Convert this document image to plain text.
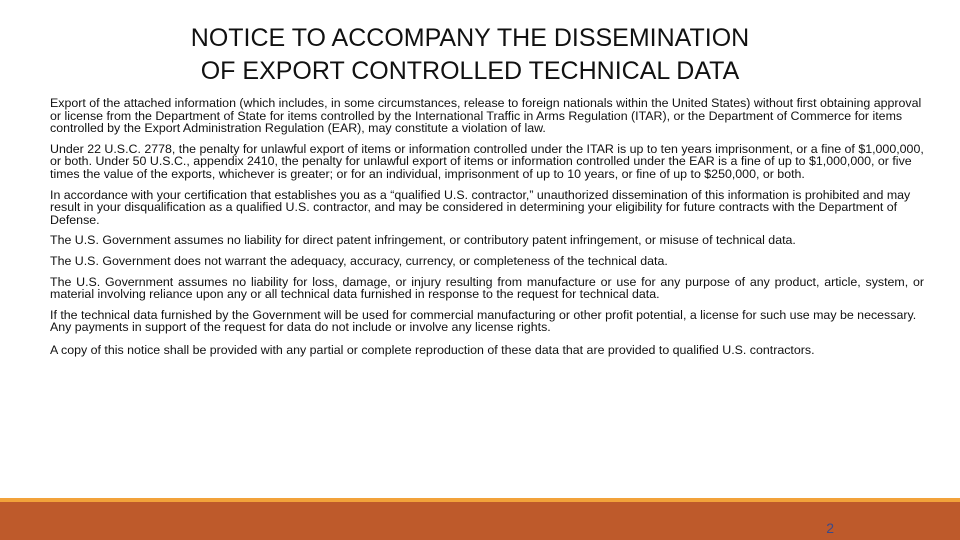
NOTICE TO ACCOMPANY THE DISSEMINATION
OF EXPORT CONTROLLED TECHNICAL DATA

Export of the attached information (which includes, in some circumstances, release to foreign nationals within the United States) without first obtaining approval or license from the Department of State for items controlled by the International Traffic in Arms Regulation (ITAR), or the Department of Commerce for items controlled by the Export Administration Regulation (EAR), may constitute a violation of law.

Under 22 U.S.C. 2778, the penalty for unlawful export of items or information controlled under the ITAR is up to ten years imprisonment, or a fine of $1,000,000, or both. Under 50 U.S.C., appendix 2410, the penalty for unlawful export of items or information controlled under the EAR is a fine of up to $1,000,000, or five times the value of the exports, whichever is greater; or for an individual, imprisonment of up to 10 years, or fine of up to $250,000, or both.

In accordance with your certification that establishes you as a “qualified U.S. contractor,” unauthorized dissemination of this information is prohibited and may result in your disqualification as a qualified U.S. contractor, and may be considered in determining your eligibility for future contracts with the Department of Defense.

The U.S. Government assumes no liability for direct patent infringement, or contributory patent infringement, or misuse of technical data.

The U.S. Government does not warrant the adequacy, accuracy, currency, or completeness of the technical data.

The U.S. Government assumes no liability for loss, damage, or injury resulting from manufacture or use for any purpose of any product, article, system, or material involving reliance upon any or all technical data furnished in response to the request for technical data.

If the technical data furnished by the Government will be used for commercial manufacturing or other profit potential, a license for such use may be necessary. Any payments in support of the request for data do not include or involve any license rights.

A copy of this notice shall be provided with any partial or complete reproduction of these data that are provided to qualified U.S. contractors.

2
